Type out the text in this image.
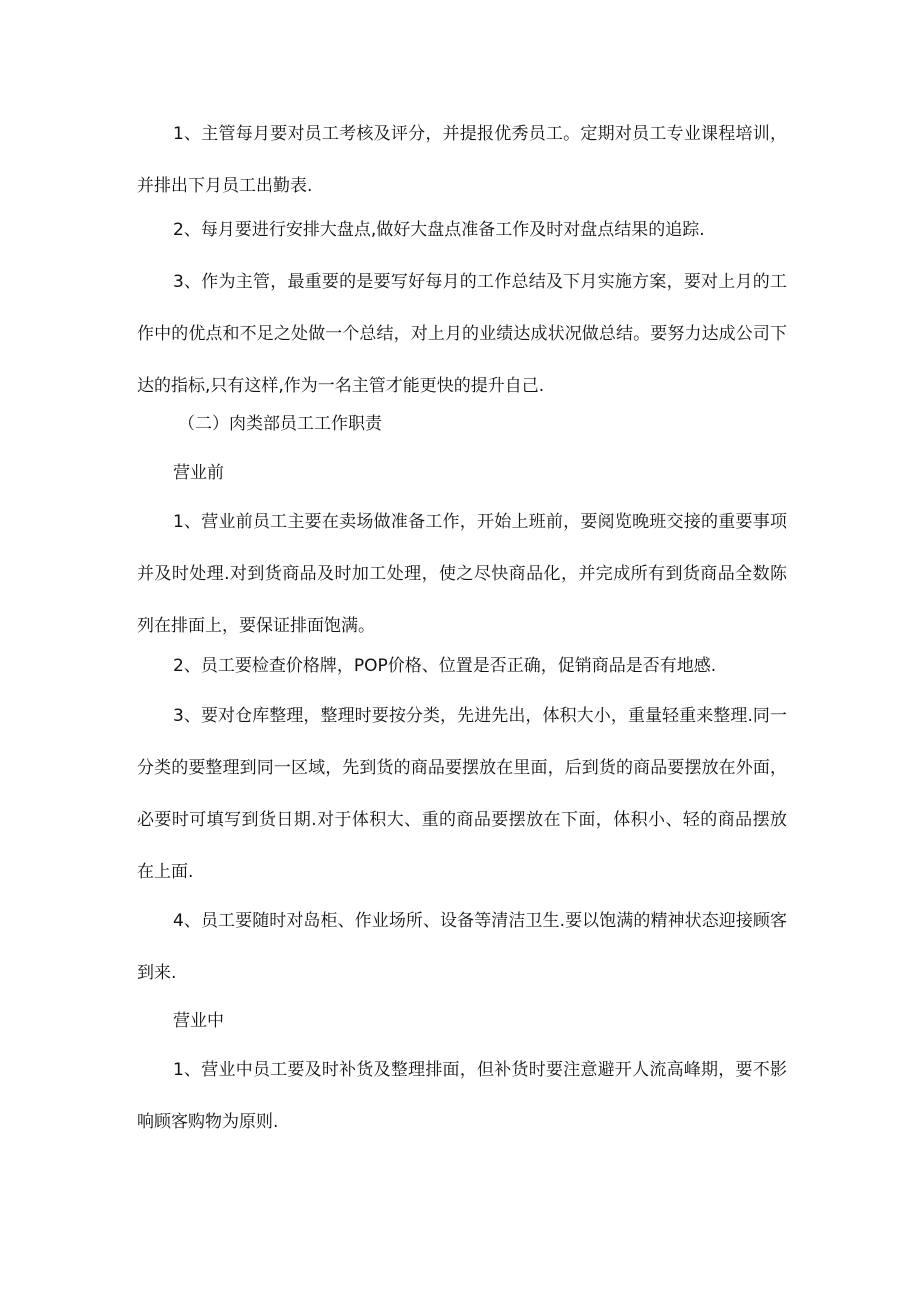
1、主管每月要对员工考核及评分，并提报优秀员工。定期对员工专业课程培训，并排出下月员工出勤表.

2、每月要进行安排大盘点,做好大盘点准备工作及时对盘点结果的追踪.

3、作为主管，最重要的是要写好每月的工作总结及下月实施方案，要对上月的工作中的优点和不足之处做一个总结，对上月的业绩达成状况做总结。要努力达成公司下达的指标,只有这样,作为一名主管才能更快的提升自己.

（二）肉类部员工工作职责

营业前

1、营业前员工主要在卖场做准备工作，开始上班前，要阅览晚班交接的重要事项并及时处理.对到货商品及时加工处理，使之尽快商品化，并完成所有到货商品全数陈列在排面上，要保证排面饱满。

2、员工要检查价格牌，POP价格、位置是否正确，促销商品是否有地感.

3、要对仓库整理，整理时要按分类，先进先出，体积大小，重量轻重来整理.同一分类的要整理到同一区域，先到货的商品要摆放在里面，后到货的商品要摆放在外面，必要时可填写到货日期.对于体积大、重的商品要摆放在下面，体积小、轻的商品摆放在上面.

4、员工要随时对岛柜、作业场所、设备等清洁卫生.要以饱满的精神状态迎接顾客到来.

营业中

1、营业中员工要及时补货及整理排面，但补货时要注意避开人流高峰期，要不影响顾客购物为原则.
